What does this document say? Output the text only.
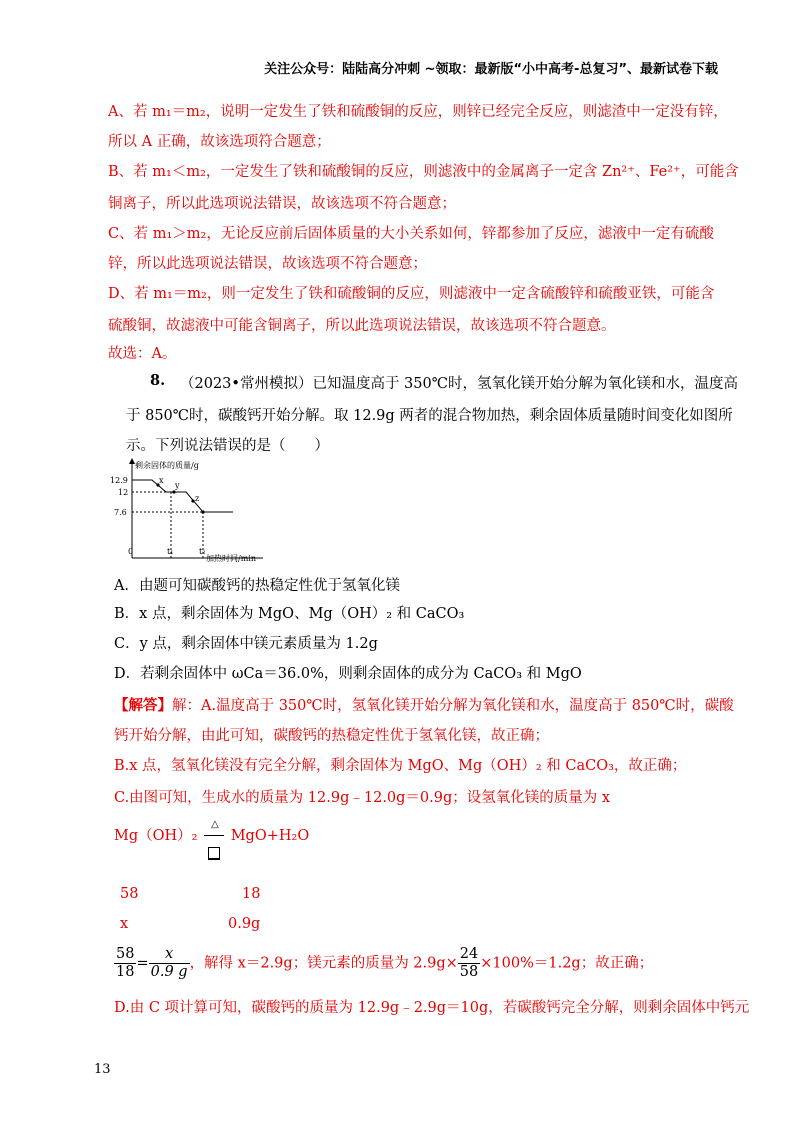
关注公众号：陆陆高分冲刺 ~领取：最新版“小中高考-总复习”、最新试卷下载
A、若 m₁＝m₂，说明一定发生了铁和硫酸铜的反应，则锌已经完全反应，则滤渣中一定没有锌，
所以 A 正确，故该选项符合题意；
B、若 m₁＜m₂，一定发生了铁和硫酸铜的反应，则滤液中的金属离子一定含 Zn²⁺、Fe²⁺，可能含
铜离子，所以此选项说法错误，故该选项不符合题意；
C、若 m₁＞m₂，无论反应前后固体质量的大小关系如何，锌都参加了反应，滤液中一定有硫酸
锌，所以此选项说法错误，故该选项不符合题意；
D、若 m₁＝m₂，则一定发生了铁和硫酸铜的反应，则滤液中一定含硫酸锌和硫酸亚铁，可能含
硫酸铜，故滤液中可能含铜离子，所以此选项说法错误，故该选项不符合题意。
故选：A。
8. （2023•常州模拟）已知温度高于 350℃时，氢氧化镁开始分解为氧化镁和水，温度高
于 850℃时，碳酸钙开始分解。取 12.9g 两者的混合物加热，剩余固体质量随时间变化如图所
示。下列说法错误的是（　　）
剩余固体的质量/g
12.9
12
7.6
x
y
z
0	t₁	t₂
加热时间/min
A．由题可知碳酸钙的热稳定性优于氢氧化镁
B．x 点，剩余固体为 MgO、Mg（OH）₂ 和 CaCO₃
C．y 点，剩余固体中镁元素质量为 1.2g
D．若剩余固体中 ωCa＝36.0%，则剩余固体的成分为 CaCO₃ 和 MgO
【解答】解：A.温度高于 350℃时，氢氧化镁开始分解为氧化镁和水，温度高于 850℃时，碳酸
钙开始分解，由此可知，碳酸钙的热稳定性优于氢氧化镁，故正确；
B.x 点，氢氧化镁没有完全分解，剩余固体为 MgO、Mg（OH）₂ 和 CaCO₃，故正确；
C.由图可知，生成水的质量为 12.9g﹣12.0g＝0.9g；设氢氧化镁的质量为 x
Mg（OH）₂
△
MgO+H₂O
58	18
x	0.9g
$\frac{58}{18} = \frac{x}{0.9 g}$ ，解得 x＝2.9g；镁元素的质量为 $2.9g\times \frac{24}{58} \times 100\%=1.2g$；故正确；
D.由 C 项计算可知，碳酸钙的质量为 12.9g﹣2.9g＝10g，若碳酸钙完全分解，则剩余固体中钙元
13
